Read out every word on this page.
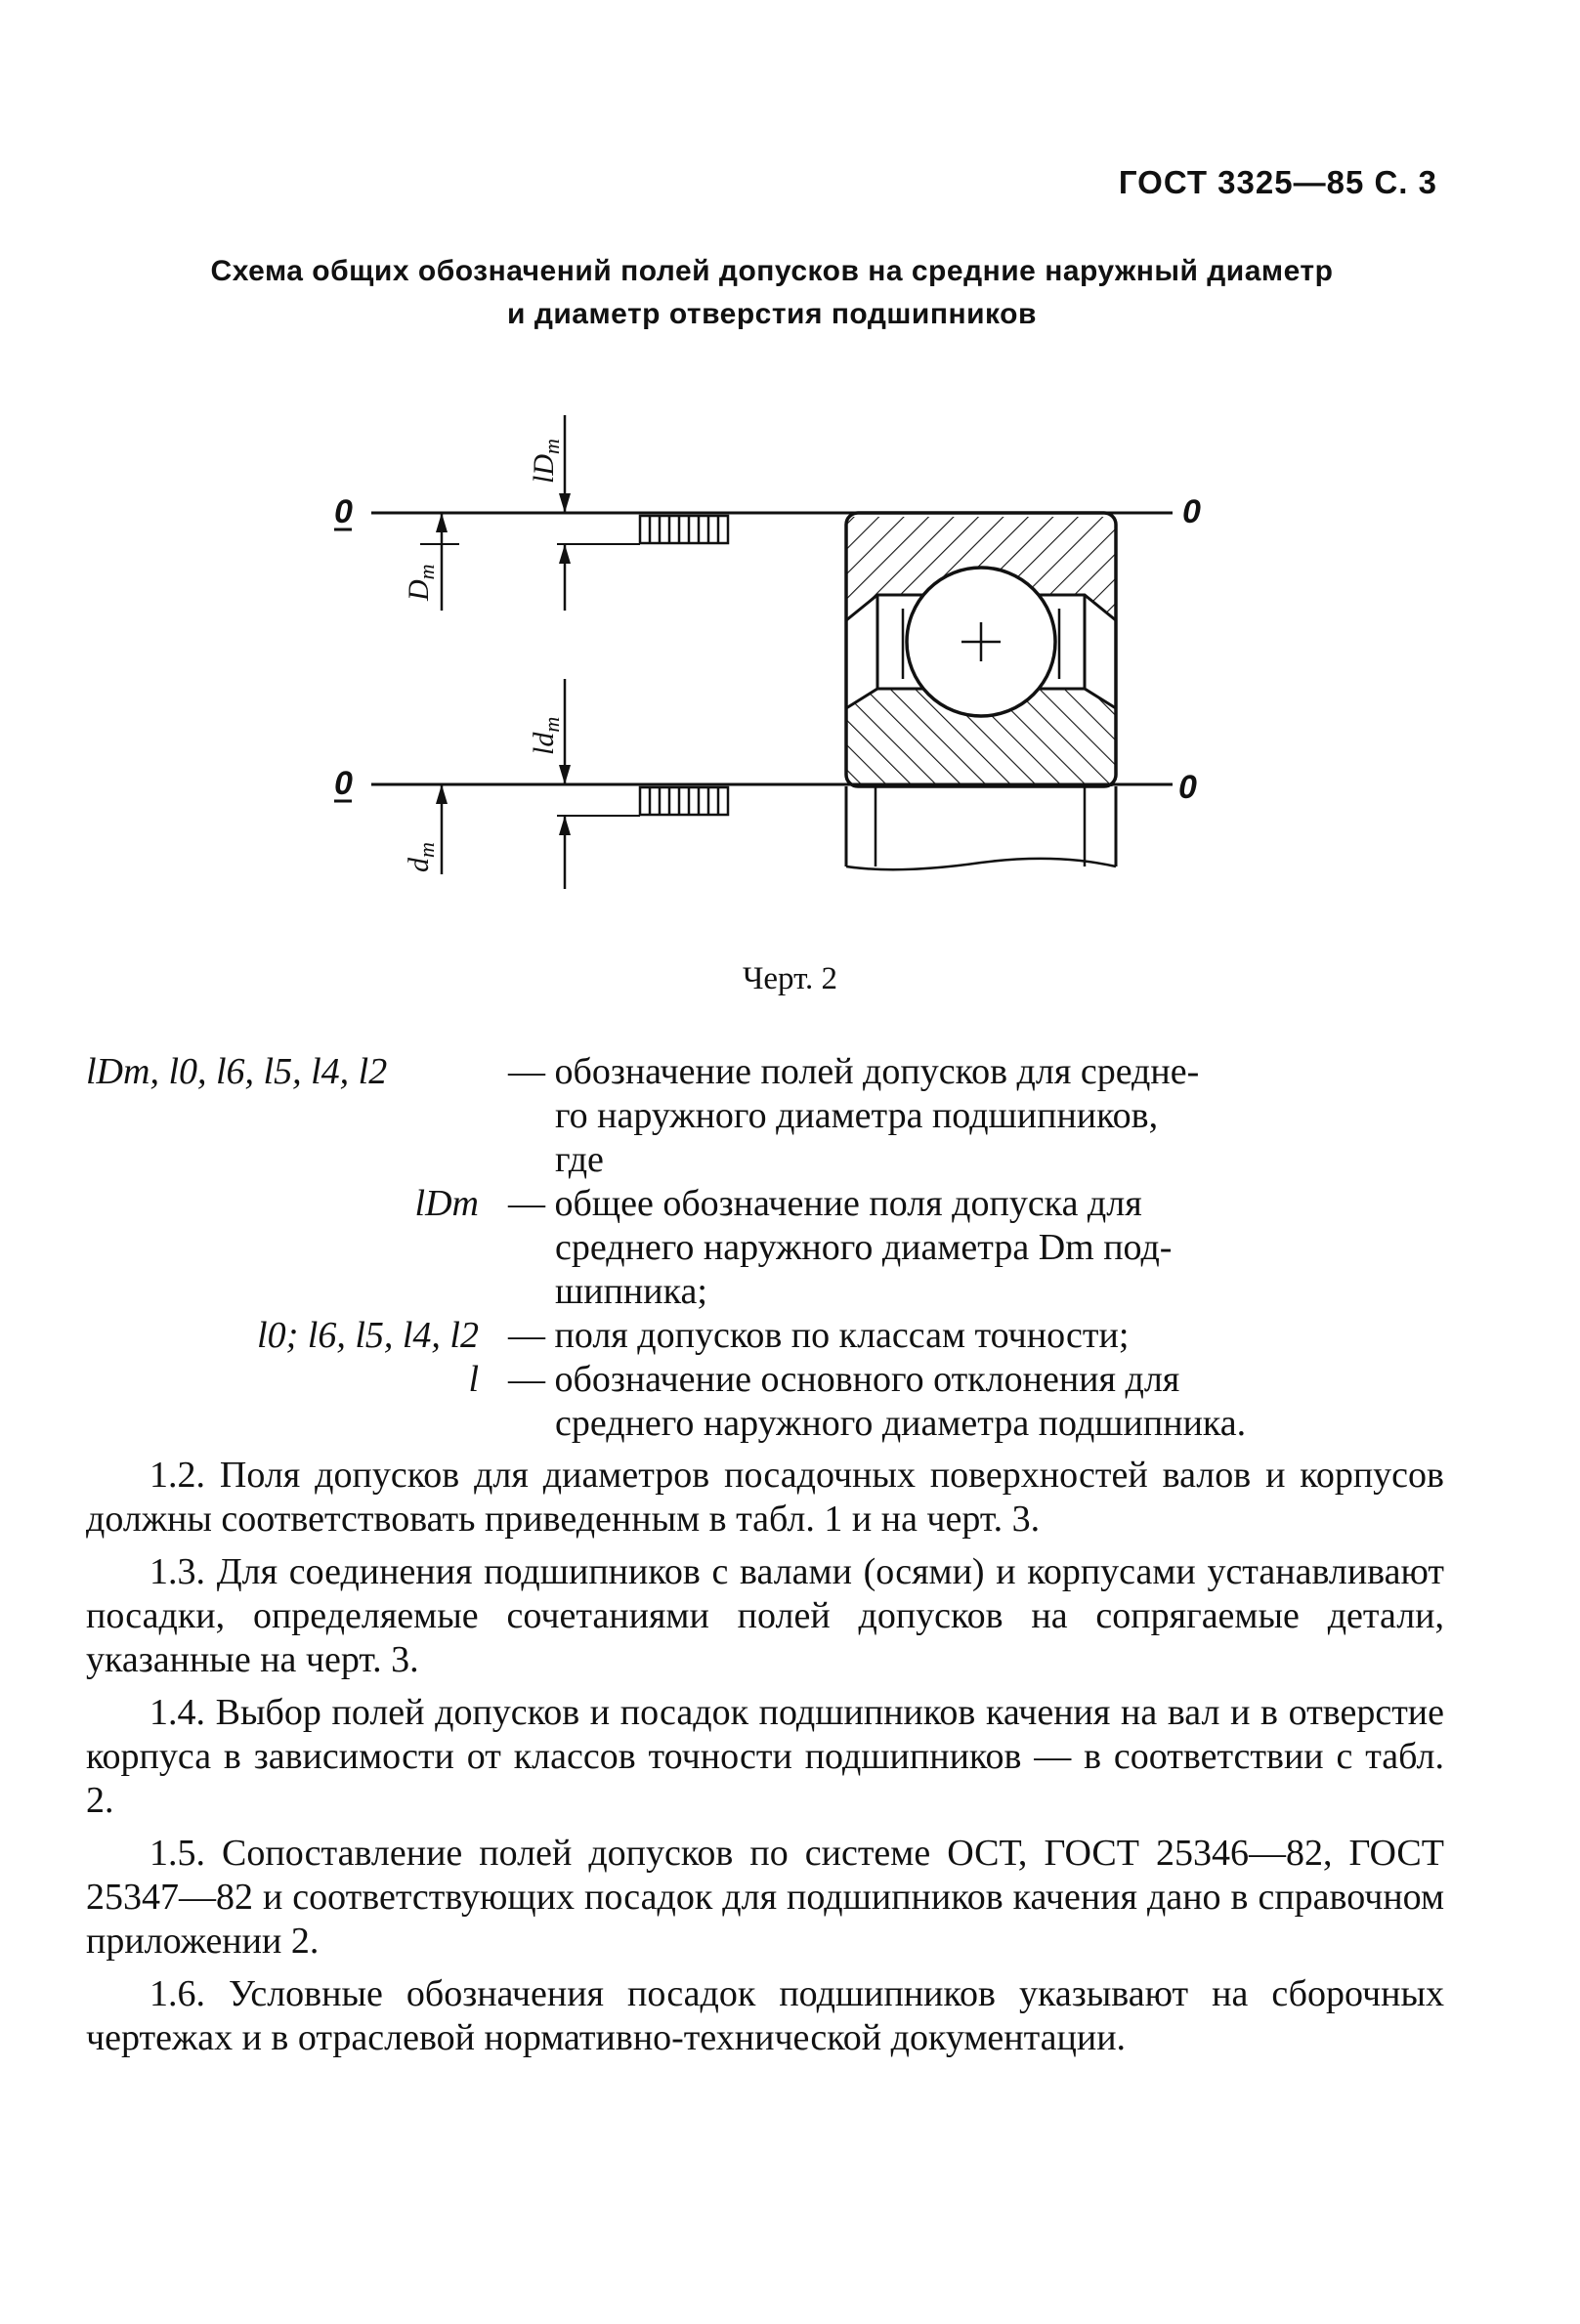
ГОСТ 3325—85 С. 3
Схема общих обозначений полей допусков на средние наружный диаметр
и диаметр отверстия подшипников
0	0
0	0
$lD_m$
$D_m$
$ld_m$
$d_m$
Черт. 2
lDm, l0, l6, l5, l4, l2	— обозначение полей допусков для средне-
го наружного диаметра подшипников,
где
lDm — общее обозначение поля допуска для
среднего наружного диаметра Dm под-
шипника;
l0; l6, l5, l4, l2 — поля допусков по классам точности;
l — обозначение основного отклонения для
среднего наружного диаметра подшипника.

1.2. Поля допусков для диаметров посадочных поверхностей валов и корпусов должны соответствовать приведенным в табл. 1 и на черт. 3.

1.3. Для соединения подшипников с валами (осями) и корпусами устанавливают посадки, определяемые сочетаниями полей допусков на сопрягаемые детали, указанные на черт. 3.

1.4. Выбор полей допусков и посадок подшипников качения на вал и в отверстие корпуса в зависимости от классов точности подшипников — в соответствии с табл. 2.

1.5. Сопоставление полей допусков по системе ОСТ, ГОСТ 25346—82, ГОСТ 25347—82 и соответствующих посадок для подшипников качения дано в справочном приложении 2.

1.6. Условные обозначения посадок подшипников указывают на сборочных чертежах и в отраслевой нормативно-технической документации.
